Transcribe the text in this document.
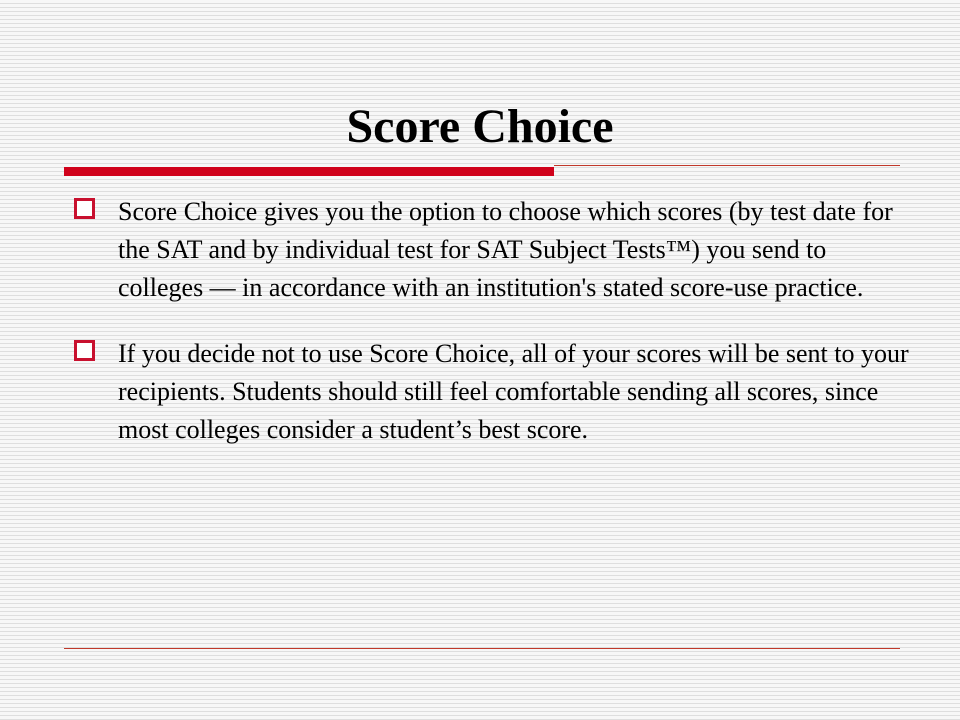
Score Choice
Score Choice gives you the option to choose which scores (by test date for the SAT and by individual test for SAT Subject Tests™) you send to colleges — in accordance with an institution's stated score-use practice.
If you decide not to use Score Choice, all of your scores will be sent to your recipients. Students should still feel comfortable sending all scores, since most colleges consider a student’s best score.
